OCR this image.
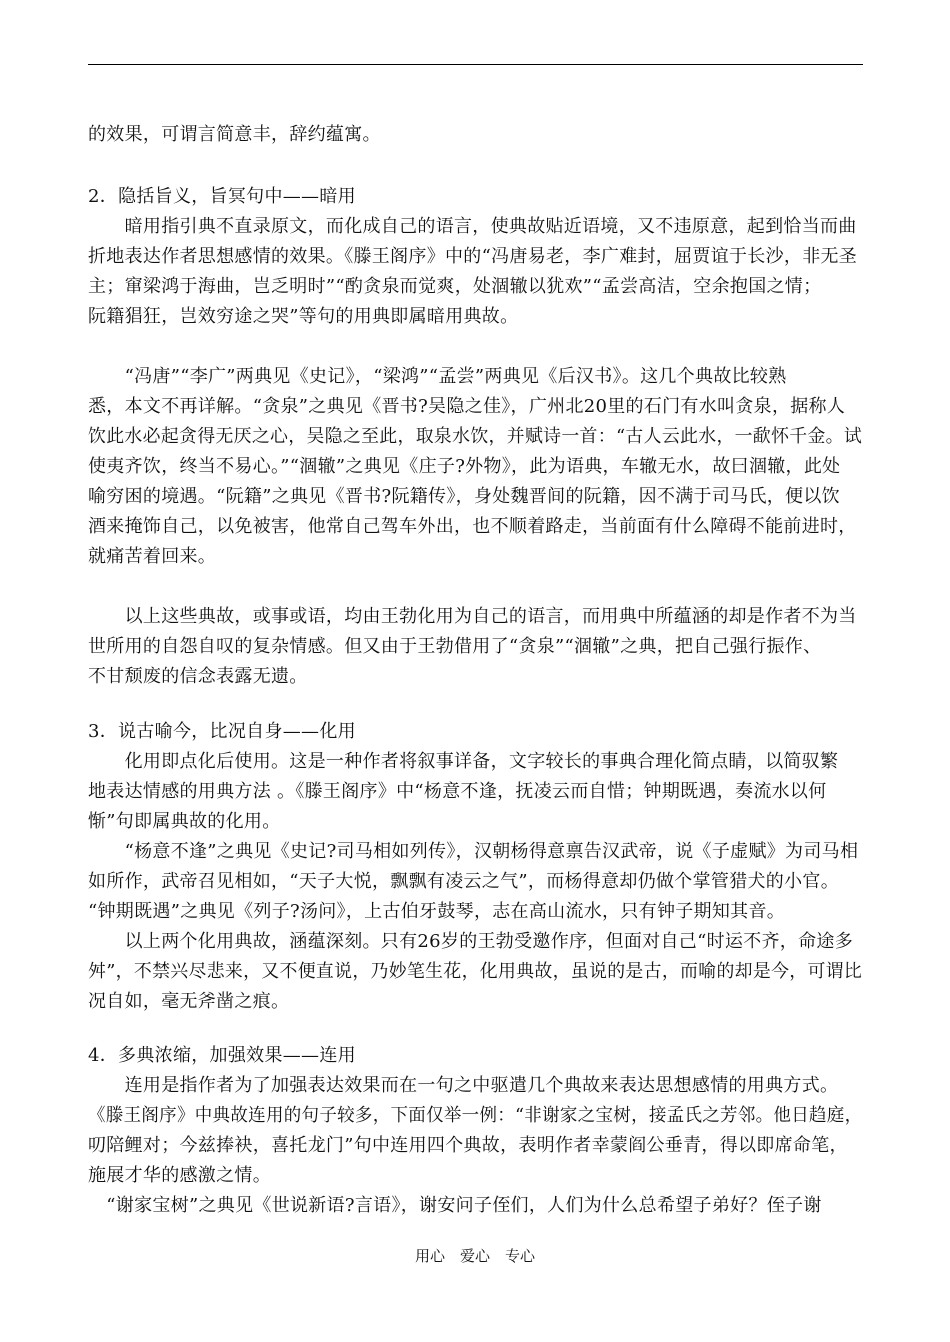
的效果，可谓言简意丰，辞约蕴寓。
2．隐括旨义，旨冥句中——暗用
　　暗用指引典不直录原文，而化成自己的语言，使典故贴近语境，又不违原意，起到恰当而曲
折地表达作者思想感情的效果。《滕王阁序》中的“冯唐易老，李广难封，屈贾谊于长沙，非无圣
主；窜梁鸿于海曲，岂乏明时”“酌贪泉而觉爽，处涸辙以犹欢”“孟尝高洁，空余抱国之情；
阮籍猖狂，岂效穷途之哭”等句的用典即属暗用典故。
　　“冯唐”“李广”两典见《史记》，“梁鸿”“孟尝”两典见《后汉书》。这几个典故比较熟
悉，本文不再详解。“贪泉”之典见《晋书?吴隐之佳》，广州北20里的石门有水叫贪泉，据称人
饮此水必起贪得无厌之心，吴隐之至此，取泉水饮，并赋诗一首：“古人云此水，一歃怀千金。试
使夷齐饮，终当不易心。”“涸辙”之典见《庄子?外物》，此为语典，车辙无水，故曰涸辙，此处
喻穷困的境遇。“阮籍”之典见《晋书?阮籍传》，身处魏晋间的阮籍，因不满于司马氏，便以饮
酒来掩饰自己，以免被害，他常自己驾车外出，也不顺着路走，当前面有什么障碍不能前进时，
就痛苦着回来。
　　以上这些典故，或事或语，均由王勃化用为自己的语言，而用典中所蕴涵的却是作者不为当
世所用的自怨自叹的复杂情感。但又由于王勃借用了“贪泉”“涸辙”之典，把自己强行振作、
不甘颓废的信念表露无遗。
3．说古喻今，比况自身——化用
　　化用即点化后使用。这是一种作者将叙事详备，文字较长的事典合理化简点睛，以简驭繁
地表达情感的用典方法 。《滕王阁序》中“杨意不逢，抚凌云而自惜；钟期既遇，奏流水以何
惭”句即属典故的化用。
　　“杨意不逢”之典见《史记?司马相如列传》，汉朝杨得意禀告汉武帝，说《子虚赋》为司马相
如所作，武帝召见相如，“天子大悦，飘飘有凌云之气”，而杨得意却仍做个掌管猎犬的小官。
“钟期既遇”之典见《列子?汤问》，上古伯牙鼓琴，志在高山流水，只有钟子期知其音。
　　以上两个化用典故，涵蕴深刻。只有26岁的王勃受邀作序，但面对自己“时运不齐，命途多
舛”，不禁兴尽悲来，又不便直说，乃妙笔生花，化用典故，虽说的是古，而喻的却是今，可谓比
况自如，毫无斧凿之痕。
4．多典浓缩，加强效果——连用
　　连用是指作者为了加强表达效果而在一句之中驱遣几个典故来表达思想感情的用典方式。
《滕王阁序》中典故连用的句子较多，下面仅举一例：“非谢家之宝树，接孟氏之芳邻。他日趋庭，
叨陪鲤对；今兹捧袂，喜托龙门”句中连用四个典故，表明作者幸蒙阎公垂青，得以即席命笔，
施展才华的感激之情。
　“谢家宝树”之典见《世说新语?言语》，谢安问子侄们，人们为什么总希望子弟好？侄子谢
用心　爱心　专心
